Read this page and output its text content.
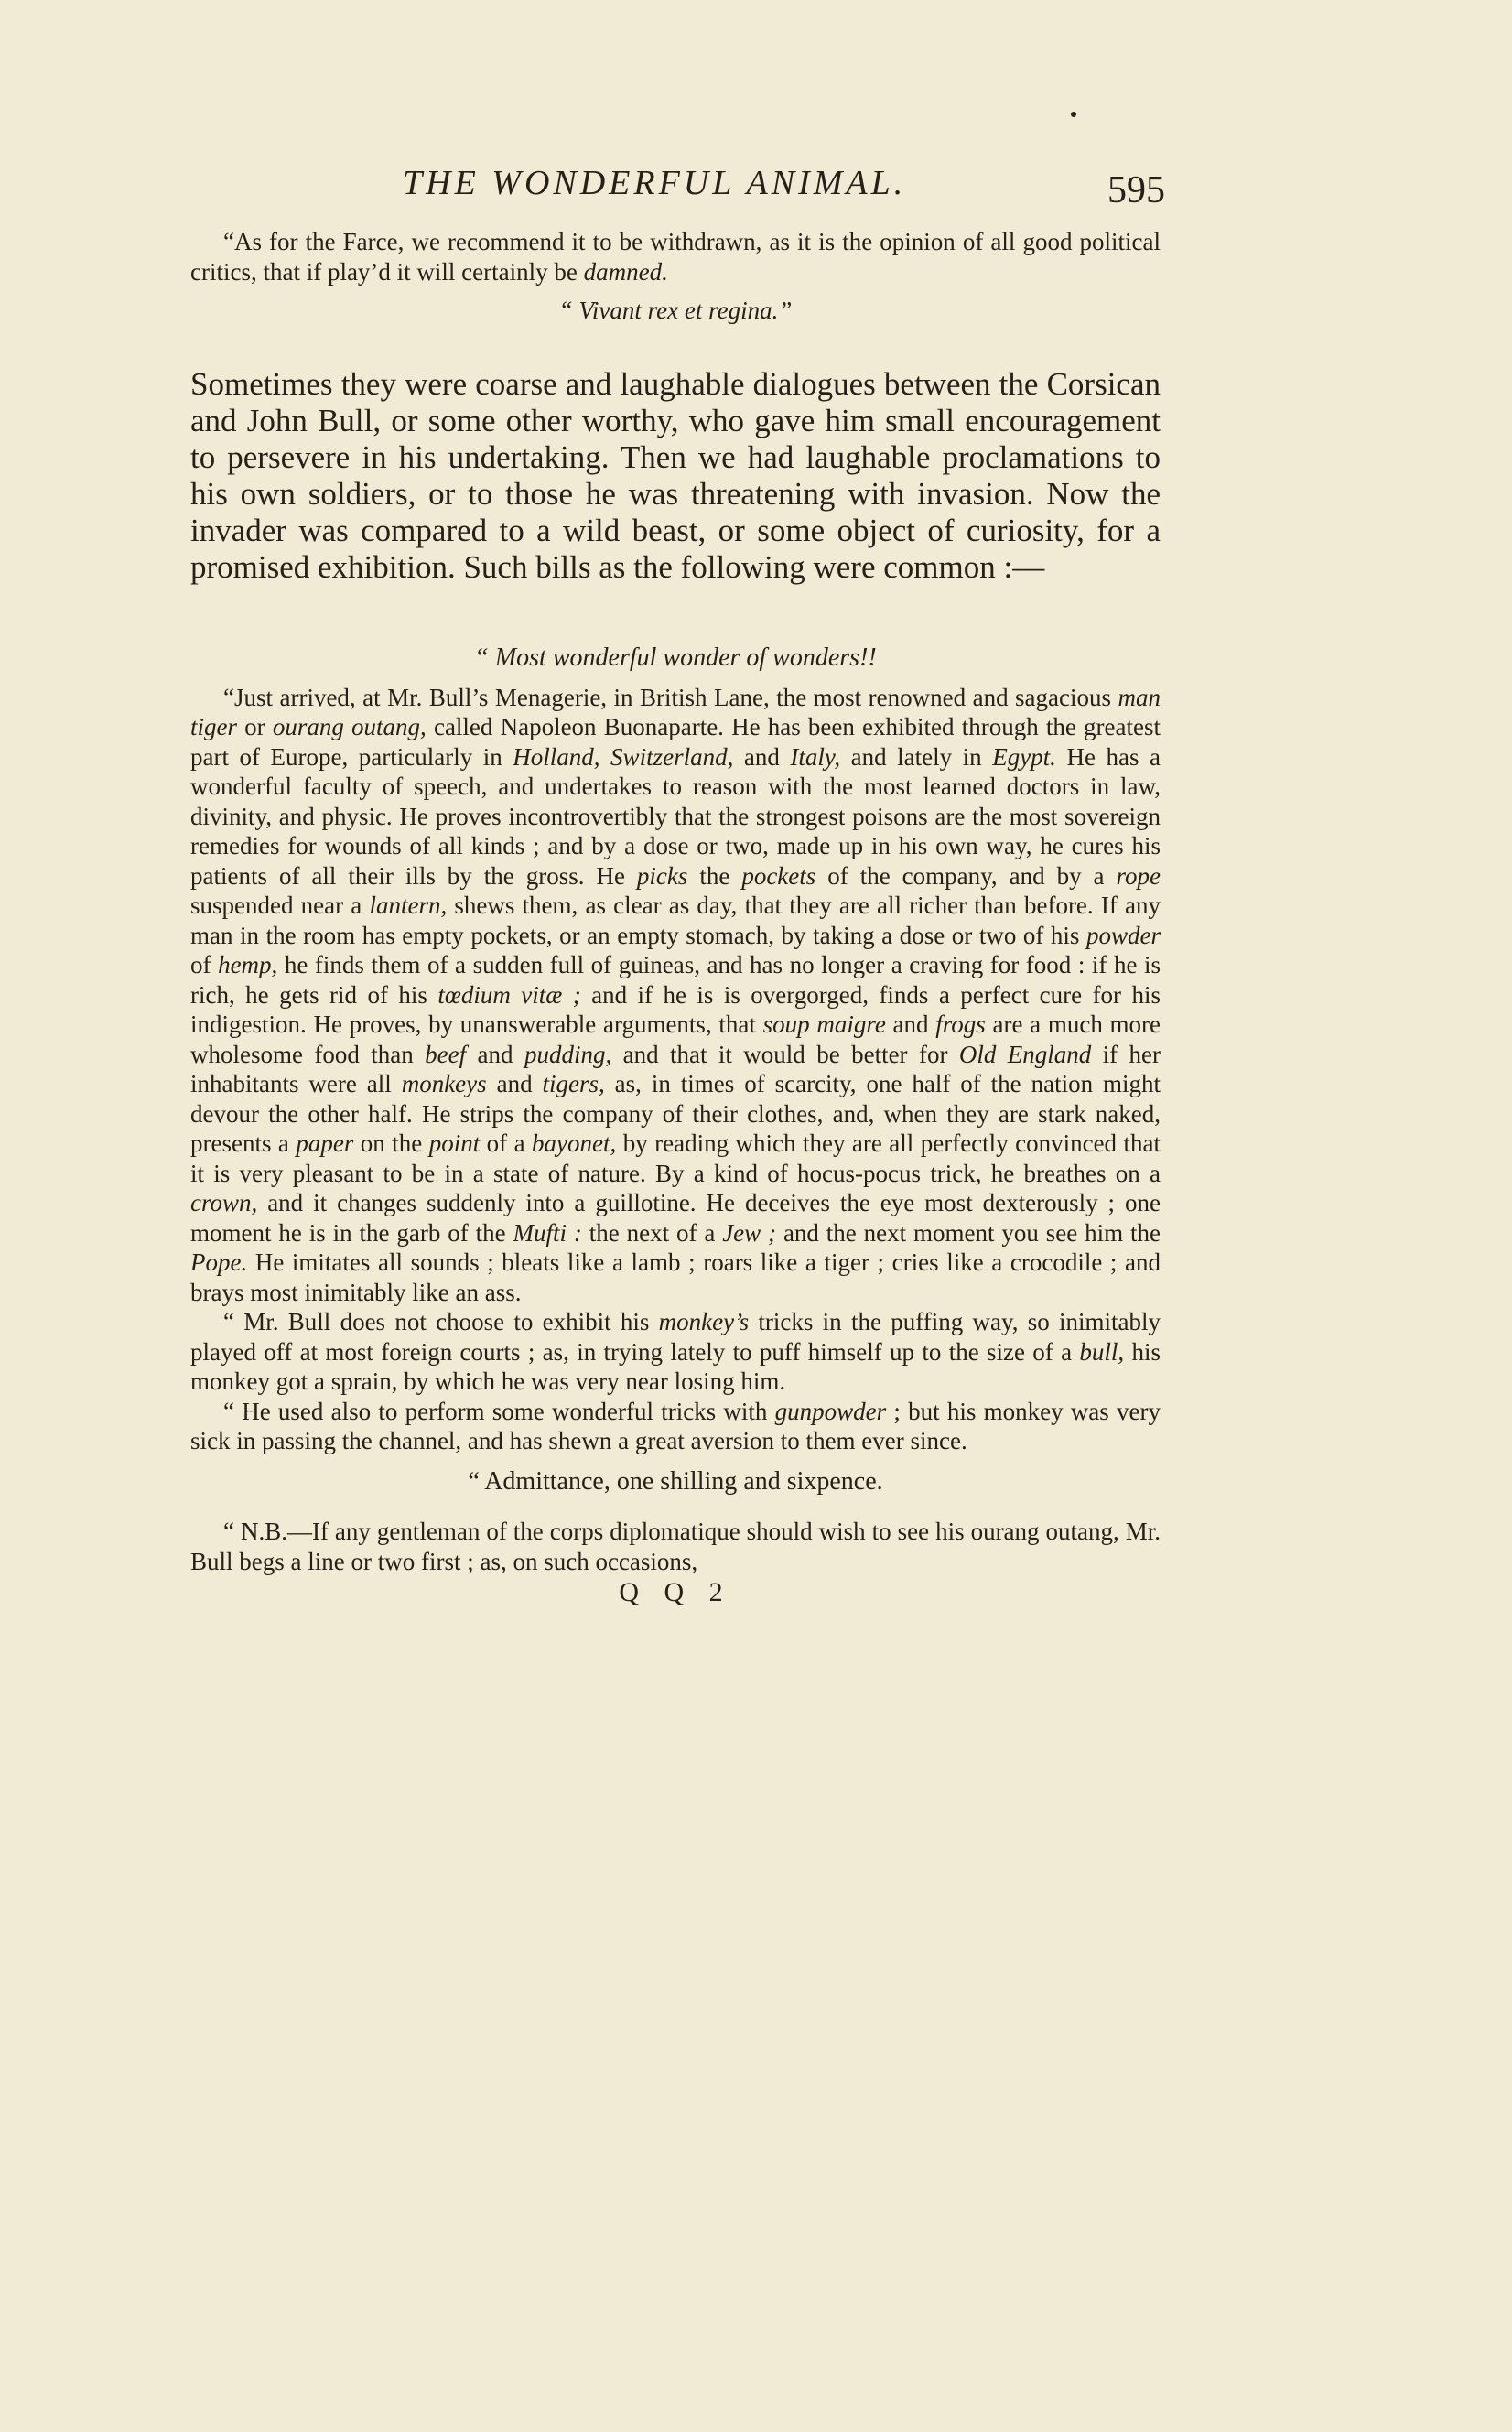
THE WONDERFUL ANIMAL.	595

“As for the Farce, we recommend it to be withdrawn, as it is the opinion of all good political critics, that if play’d it will certainly be damned.

“ Vivant rex et regina.”

Sometimes they were coarse and laughable dialogues between the Corsican and John Bull, or some other worthy, who gave him small encouragement to persevere in his undertaking. Then we had laughable proclamations to his own soldiers, or to those he was threatening with invasion. Now the invader was compared to a wild beast, or some object of curiosity, for a promised exhibition. Such bills as the following were common :—

“ Most wonderful wonder of wonders!!

“Just arrived, at Mr. Bull’s Menagerie, in British Lane, the most renowned and sagacious man tiger or ourang outang, called Napoleon Buonaparte. He has been exhibited through the greatest part of Europe, particularly in Holland, Switzerland, and Italy, and lately in Egypt. He has a wonderful faculty of speech, and undertakes to reason with the most learned doctors in law, divinity, and physic. He proves incontrovertibly that the strongest poisons are the most sovereign remedies for wounds of all kinds ; and by a dose or two, made up in his own way, he cures his patients of all their ills by the gross. He picks the pockets of the company, and by a rope suspended near a lantern, shews them, as clear as day, that they are all richer than before. If any man in the room has empty pockets, or an empty stomach, by taking a dose or two of his powder of hemp, he finds them of a sudden full of guineas, and has no longer a craving for food : if he is rich, he gets rid of his tœdium vitæ ; and if he is is overgorged, finds a perfect cure for his indigestion. He proves, by unanswerable arguments, that soup maigre and frogs are a much more wholesome food than beef and pudding, and that it would be better for Old England if her inhabitants were all monkeys and tigers, as, in times of scarcity, one half of the nation might devour the other half. He strips the company of their clothes, and, when they are stark naked, presents a paper on the point of a bayonet, by reading which they are all perfectly convinced that it is very pleasant to be in a state of nature. By a kind of hocus-pocus trick, he breathes on a crown, and it changes suddenly into a guillotine. He deceives the eye most dexterously ; one moment he is in the garb of the Mufti : the next of a Jew ; and the next moment you see him the Pope. He imitates all sounds ; bleats like a lamb ; roars like a tiger ; cries like a crocodile ; and brays most inimitably like an ass.

“ Mr. Bull does not choose to exhibit his monkey’s tricks in the puffing way, so inimitably played off at most foreign courts ; as, in trying lately to puff himself up to the size of a bull, his monkey got a sprain, by which he was very near losing him.

“ He used also to perform some wonderful tricks with gunpowder ; but his monkey was very sick in passing the channel, and has shewn a great aversion to them ever since.

“ Admittance, one shilling and sixpence.

“ N.B.—If any gentleman of the corps diplomatique should wish to see his ourang outang, Mr. Bull begs a line or two first ; as, on such occasions,

Q Q 2
